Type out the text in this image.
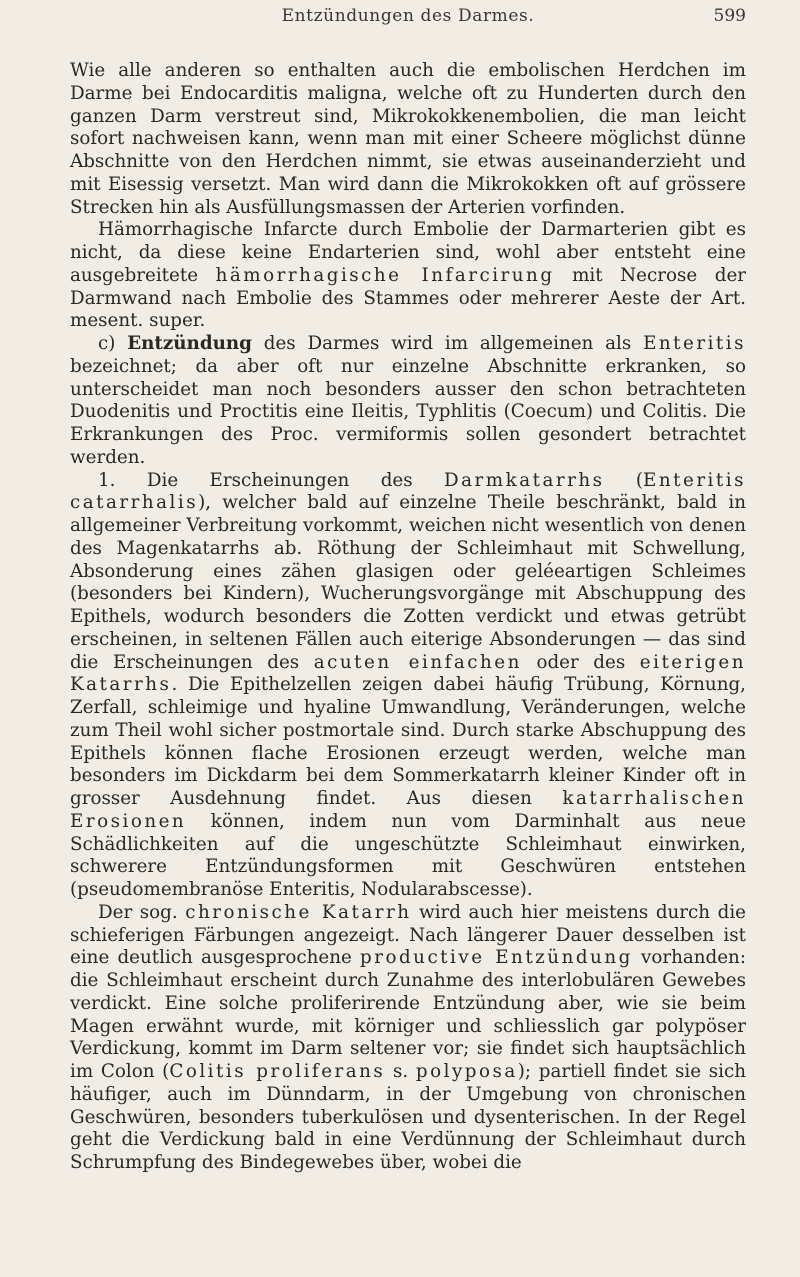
Entzündungen des Darmes.	599

Wie alle anderen so enthalten auch die embolischen Herdchen im Darme bei Endocarditis maligna, welche oft zu Hunderten durch den ganzen Darm verstreut sind, Mikrokokkenembolien, die man leicht sofort nachweisen kann, wenn man mit einer Scheere möglichst dünne Abschnitte von den Herdchen nimmt, sie etwas auseinanderzieht und mit Eisessig versetzt. Man wird dann die Mikrokokken oft auf grössere Strecken hin als Ausfüllungsmassen der Arterien vorfinden.

Hämorrhagische Infarcte durch Embolie der Darmarterien gibt es nicht, da diese keine Endarterien sind, wohl aber entsteht eine ausgebreitete hämorrhagische Infarcirung mit Necrose der Darmwand nach Embolie des Stammes oder mehrerer Aeste der Art. mesent. super.

c) Entzündung des Darmes wird im allgemeinen als Enteritis bezeichnet; da aber oft nur einzelne Abschnitte erkranken, so unterscheidet man noch besonders ausser den schon betrachteten Duodenitis und Proctitis eine Ileitis, Typhlitis (Coecum) und Colitis. Die Erkrankungen des Proc. vermiformis sollen gesondert betrachtet werden.

1. Die Erscheinungen des Darmkatarrhs (Enteritis catarrhalis), welcher bald auf einzelne Theile beschränkt, bald in allgemeiner Verbreitung vorkommt, weichen nicht wesentlich von denen des Magenkatarrhs ab. Röthung der Schleimhaut mit Schwellung, Absonderung eines zähen glasigen oder geléeartigen Schleimes (besonders bei Kindern), Wucherungsvorgänge mit Abschuppung des Epithels, wodurch besonders die Zotten verdickt und etwas getrübt erscheinen, in seltenen Fällen auch eiterige Absonderungen — das sind die Erscheinungen des acuten einfachen oder des eiterigen Katarrhs. Die Epithelzellen zeigen dabei häufig Trübung, Körnung, Zerfall, schleimige und hyaline Umwandlung, Veränderungen, welche zum Theil wohl sicher postmortale sind. Durch starke Abschuppung des Epithels können flache Erosionen erzeugt werden, welche man besonders im Dickdarm bei dem Sommerkatarrh kleiner Kinder oft in grosser Ausdehnung findet. Aus diesen katarrhalischen Erosionen können, indem nun vom Darminhalt aus neue Schädlichkeiten auf die ungeschützte Schleimhaut einwirken, schwerere Entzündungsformen mit Geschwüren entstehen (pseudomembranöse Enteritis, Nodularabscesse).

Der sog. chronische Katarrh wird auch hier meistens durch die schieferigen Färbungen angezeigt. Nach längerer Dauer desselben ist eine deutlich ausgesprochene productive Entzündung vorhanden: die Schleimhaut erscheint durch Zunahme des interlobulären Gewebes verdickt. Eine solche proliferirende Entzündung aber, wie sie beim Magen erwähnt wurde, mit körniger und schliesslich gar polypöser Verdickung, kommt im Darm seltener vor; sie findet sich hauptsächlich im Colon (Colitis proliferans s. polyposa); partiell findet sie sich häufiger, auch im Dünndarm, in der Umgebung von chronischen Geschwüren, besonders tuberkulösen und dysenterischen. In der Regel geht die Verdickung bald in eine Verdünnung der Schleimhaut durch Schrumpfung des Bindegewebes über, wobei die
